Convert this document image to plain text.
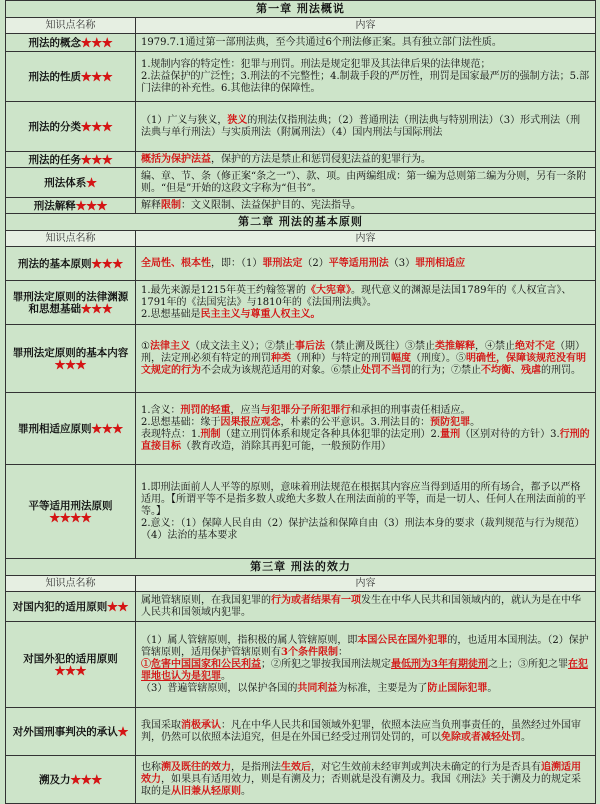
第一章 刑法概说	
知识点名称	内容
刑法的概念★★★	1979.7.1通过第一部刑法典，至今共通过6个刑法修正案。具有独立部门法性质。

刑法的性质★★★	1.规制内容的特定性：犯罪与刑罚。刑法是规定犯罪及其法律后果的法律规范；
2.法益保护的广泛性；3.刑法的不完整性；4.制裁手段的严厉性，刑罚是国家最严厉的强制方法；5.部门法律的补充性。6.其他法律的保障性。

刑法的分类★★★	（1）广义与狭义，狭义的刑法仅指刑法典；（2）普通刑法（刑法典与特别刑法）（3）形式刑法（刑法典与单行刑法）与实质刑法（附属刑法）（4）国内刑法与国际刑法

刑法的任务★★★	概括为保护法益，保护的方法是禁止和惩罚侵犯法益的犯罪行为。

刑法体系★	编、章、节、条（修正案“条之一”）、款、项。由两编组成：第一编为总则第二编为分则，另有一条附则。“但是”开始的这段文字称为“但书”。

刑法解释★★★	解释限制：文义限制、法益保护目的、宪法指导。

第二章 刑法的基本原则	
知识点名称	内容
刑法的基本原则★★★	全局性、根本性，即：（1）罪刑法定（2）平等适用刑法（3）罪刑相适应

罪刑法定原则的法律渊源和思想基础★★★	1.最先来源是1215年英王约翰签署的《大宪章》。现代意义的渊源是法国1789年的《人权宣言》、1791年的《法国宪法》与1810年的《法国刑法典》。
2.思想基础是民主主义与尊重人权主义。

罪刑法定原则的基本内容★★★	①法律主义（成文法主义）；②禁止事后法（禁止溯及既往）③禁止类推解释，④禁止绝对不定（期）刑，法定刑必须有特定的刑罚种类（刑种）与特定的刑罚幅度（刑度）。⑤明确性，保障该规范没有明文规定的行为不会成为该规范适用的对象。⑥禁止处罚不当罚的行为；⑦禁止不均衡、残虐的刑罚。

罪刑相适应原则★★★	1.含义：刑罚的轻重，应当与犯罪分子所犯罪行和承担的刑事责任相适应。
2.思想基础：缘于因果报应观念，朴素的公平意识。3.刑法目的：预防犯罪。
表现特点：1.刑制（建立刑罚体系和规定各种具体犯罪的法定刑）2.量刑（区别对待的方针）3.行刑的直接目标（教育改造，消除其再犯可能，一般预防作用）

平等适用刑法原则★★★★	1.即刑法面前人人平等的原则，意味着刑法规范在根据其内容应当得到适用的所有场合，都予以严格适用。【所谓平等不是指多数人或绝大多数人在刑法面前的平等，而是一切人、任何人在刑法面前的平等。】
2.意义：（1）保障人民自由（2）保护法益和保障自由（3）刑法本身的要求（裁判规范与行为规范）（4）法治的基本要求

第三章 刑法的效力	
知识点名称	内容
对国内犯的适用原则★★	属地管辖原则，在我国犯罪的行为或者结果有一项发生在中华人民共和国领域内的，就认为是在中华人民共和国领域内犯罪。

对国外犯的适用原则★★★	（1）属人管辖原则，指积极的属人管辖原则，即本国公民在国外犯罪的，也适用本国刑法。（2）保护管辖原则，适用保护管辖原则有3个条件限制：
①危害中国国家和公民利益；②所犯之罪按我国刑法规定最低刑为3年有期徒刑之上；③所犯之罪在犯罪地也认为是犯罪。
（3）普遍管辖原则，以保护各国的共同利益为标准，主要是为了防止国际犯罪。

对外国刑事判决的承认★	我国采取消极承认：凡在中华人民共和国领域外犯罪，依照本法应当负刑事责任的，虽然经过外国审判，仍然可以依照本法追究，但是在外国已经受过刑罚处罚的，可以免除或者减轻处罚。

溯及力★★★	也称溯及既往的效力，是指刑法生效后，对它生效前未经审判或判决未确定的行为是否具有追溯适用效力，如果具有适用效力，则是有溯及力；否则就是没有溯及力。我国《刑法》关于溯及力的规定采取的是从旧兼从轻原则。
